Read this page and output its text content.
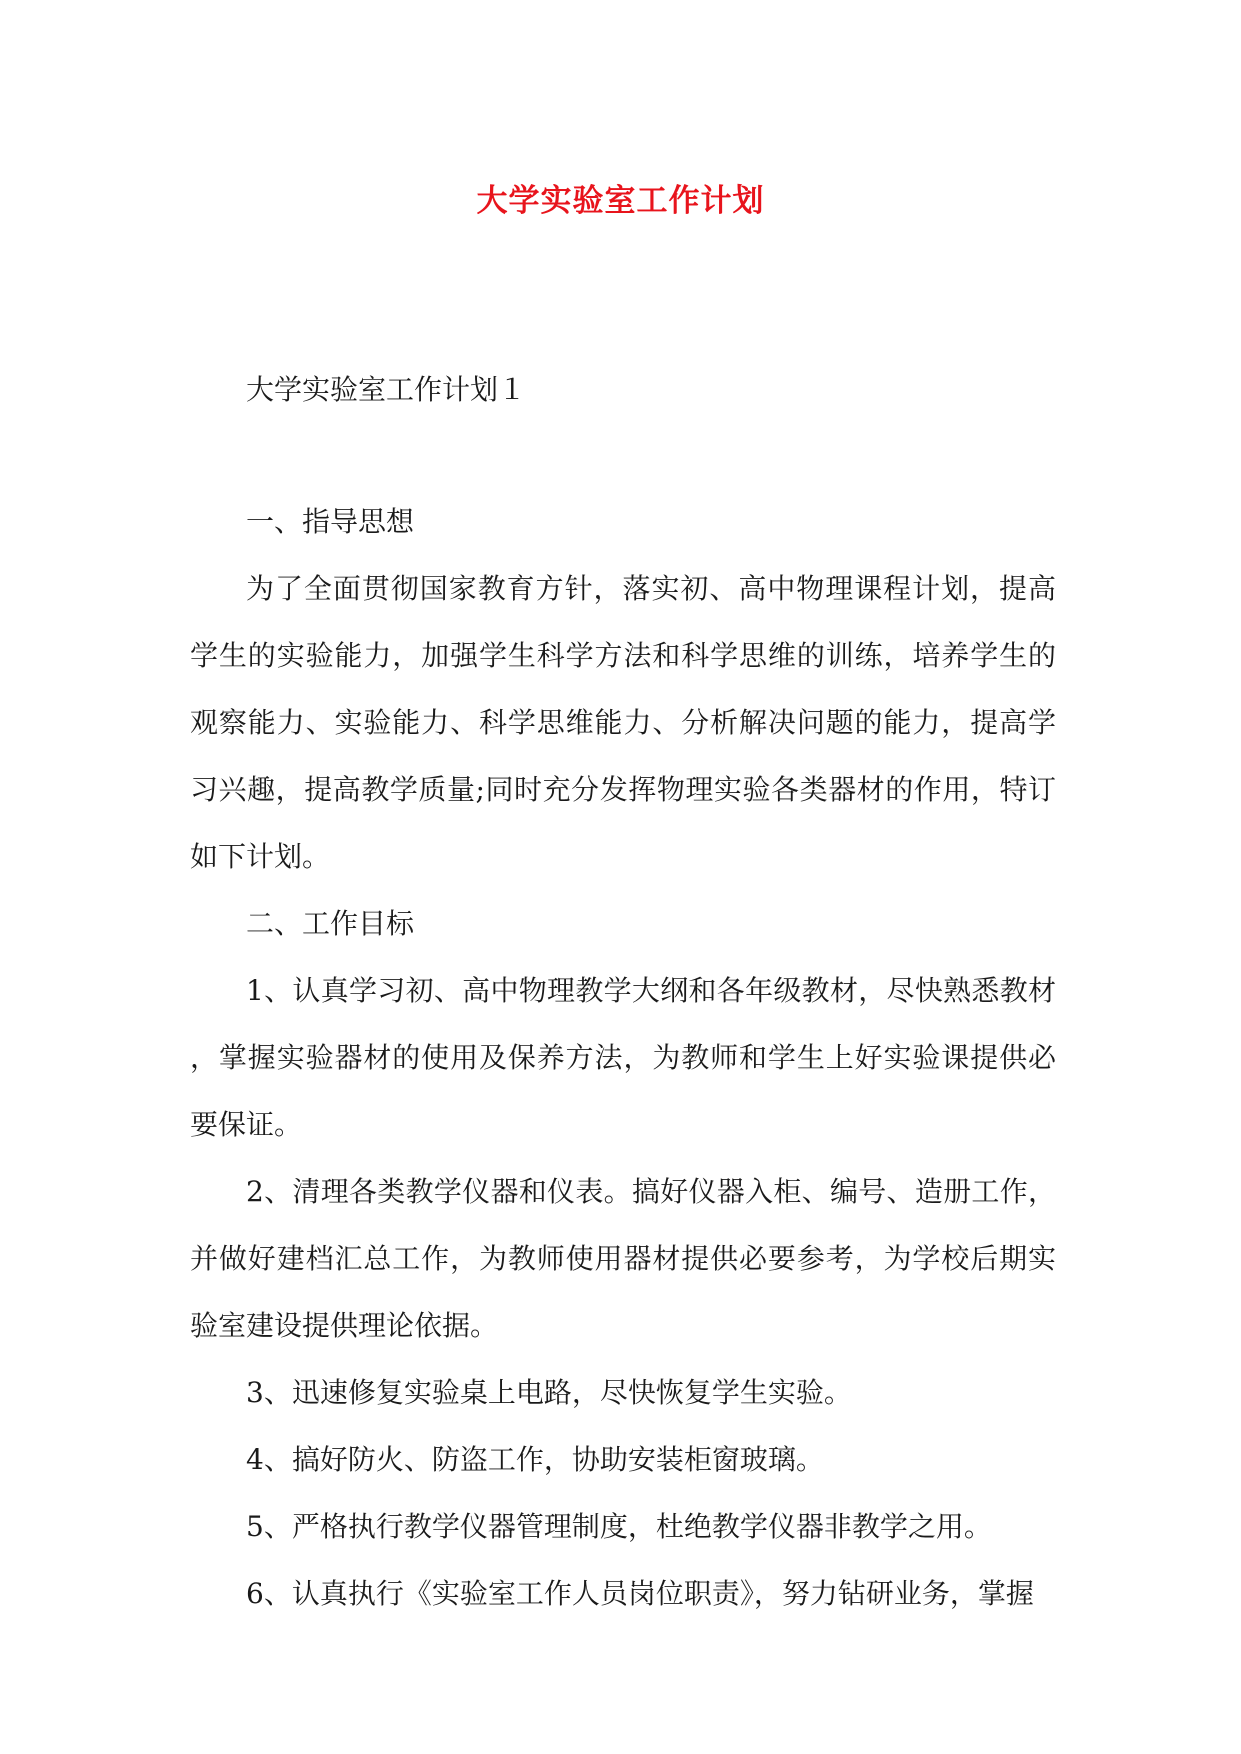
大学实验室工作计划

大学实验室工作计划１

一、指导思想

为了全面贯彻国家教育方针，落实初、高中物理课程计划，提高学生的实验能力，加强学生科学方法和科学思维的训练，培养学生的观察能力、实验能力、科学思维能力、分析解决问题的能力，提高学习兴趣，提高教学质量;同时充分发挥物理实验各类器材的作用，特订如下计划。

二、工作目标

1、认真学习初、高中物理教学大纲和各年级教材，尽快熟悉教材，掌握实验器材的使用及保养方法，为教师和学生上好实验课提供必要保证。

2、清理各类教学仪器和仪表。搞好仪器入柜、编号、造册工作，并做好建档汇总工作，为教师使用器材提供必要参考，为学校后期实验室建设提供理论依据。

3、迅速修复实验桌上电路，尽快恢复学生实验。

4、搞好防火、防盗工作，协助安装柜窗玻璃。

5、严格执行教学仪器管理制度，杜绝教学仪器非教学之用。

6、认真执行《实验室工作人员岗位职责》，努力钻研业务，掌握
